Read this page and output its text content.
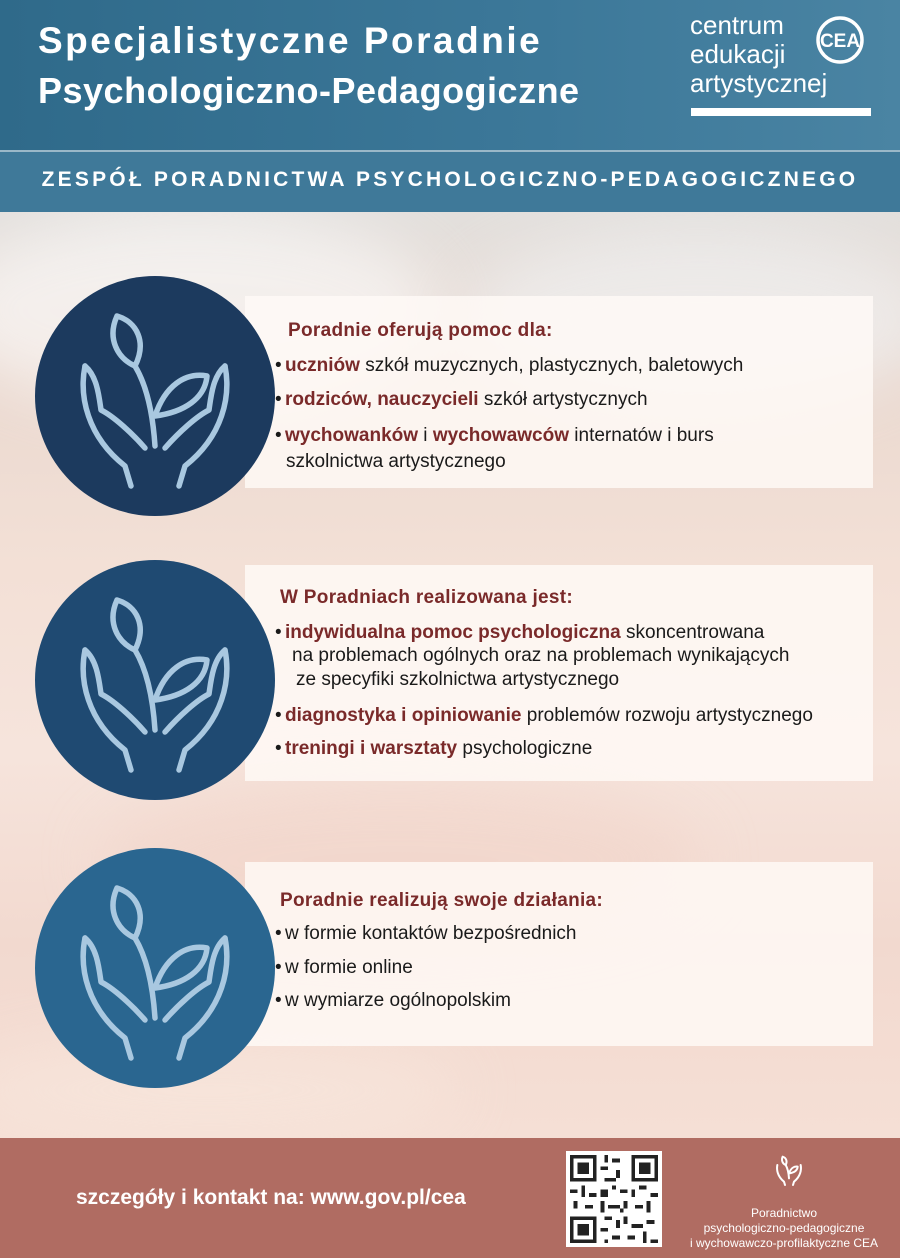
Specjalistyczne Poradnie
Psychologiczno-Pedagogiczne
centrum
edukacji
artystycznej
CEA
ZESPÓŁ PORADNICTWA PSYCHOLOGICZNO-PEDAGOGICZNEGO
Poradnie oferują pomoc dla:
• uczniów szkół muzycznych, plastycznych, baletowych
• rodziców, nauczycieli szkół artystycznych
• wychowanków i wychowawców internatów i burs
szkolnictwa artystycznego
W Poradniach realizowana jest:
• indywidualna pomoc psychologiczna skoncentrowana
na problemach ogólnych oraz na problemach wynikających
ze specyfiki szkolnictwa artystycznego
• diagnostyka i opiniowanie problemów rozwoju artystycznego
• treningi i warsztaty psychologiczne
Poradnie realizują swoje działania:
• w formie kontaktów bezpośrednich
• w formie online
• w wymiarze ogólnopolskim
szczegóły i kontakt na: www.gov.pl/cea
Poradnictwo
psychologiczno-pedagogiczne
i wychowawczo-profilaktyczne CEA
